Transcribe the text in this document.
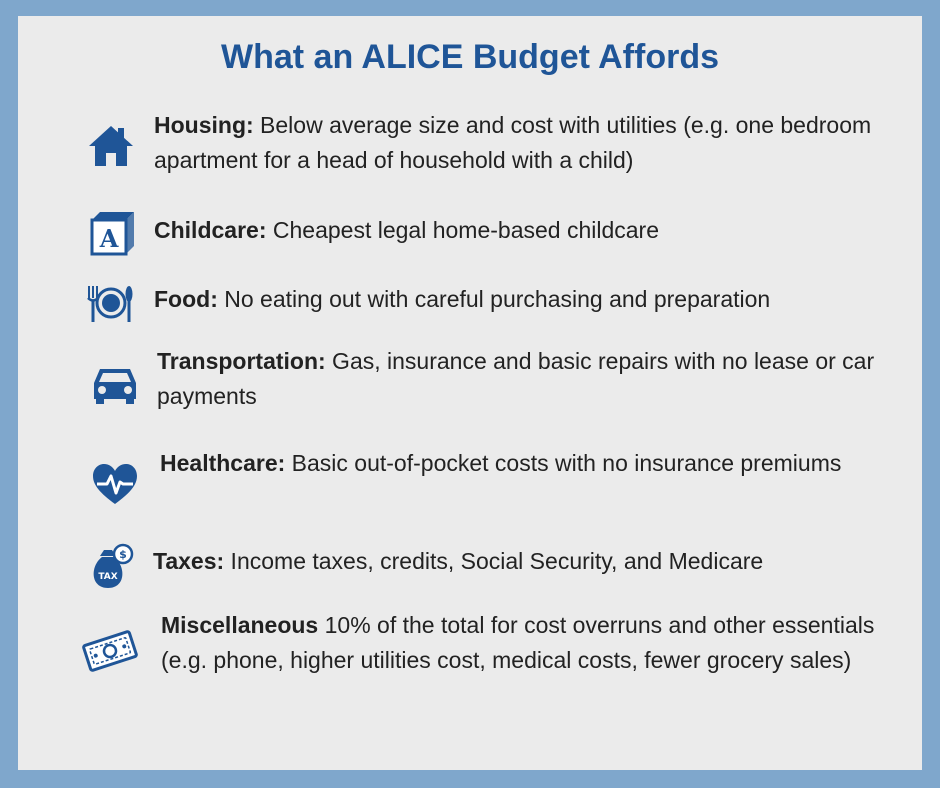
What an ALICE Budget Affords
Housing: Below average size and cost with utilities (e.g. one bedroom apartment for a head of household with a child)
A Childcare: Cheapest legal home-based childcare
Food: No eating out with careful purchasing and preparation
Transportation: Gas, insurance and basic repairs with no lease or car payments
Healthcare: Basic out-of-pocket costs with no insurance premiums
TAX
$ Taxes: Income taxes, credits, Social Security, and Medicare
Miscellaneous 10% of the total for cost overruns and other essentials (e.g. phone, higher utilities cost, medical costs, fewer grocery sales)
